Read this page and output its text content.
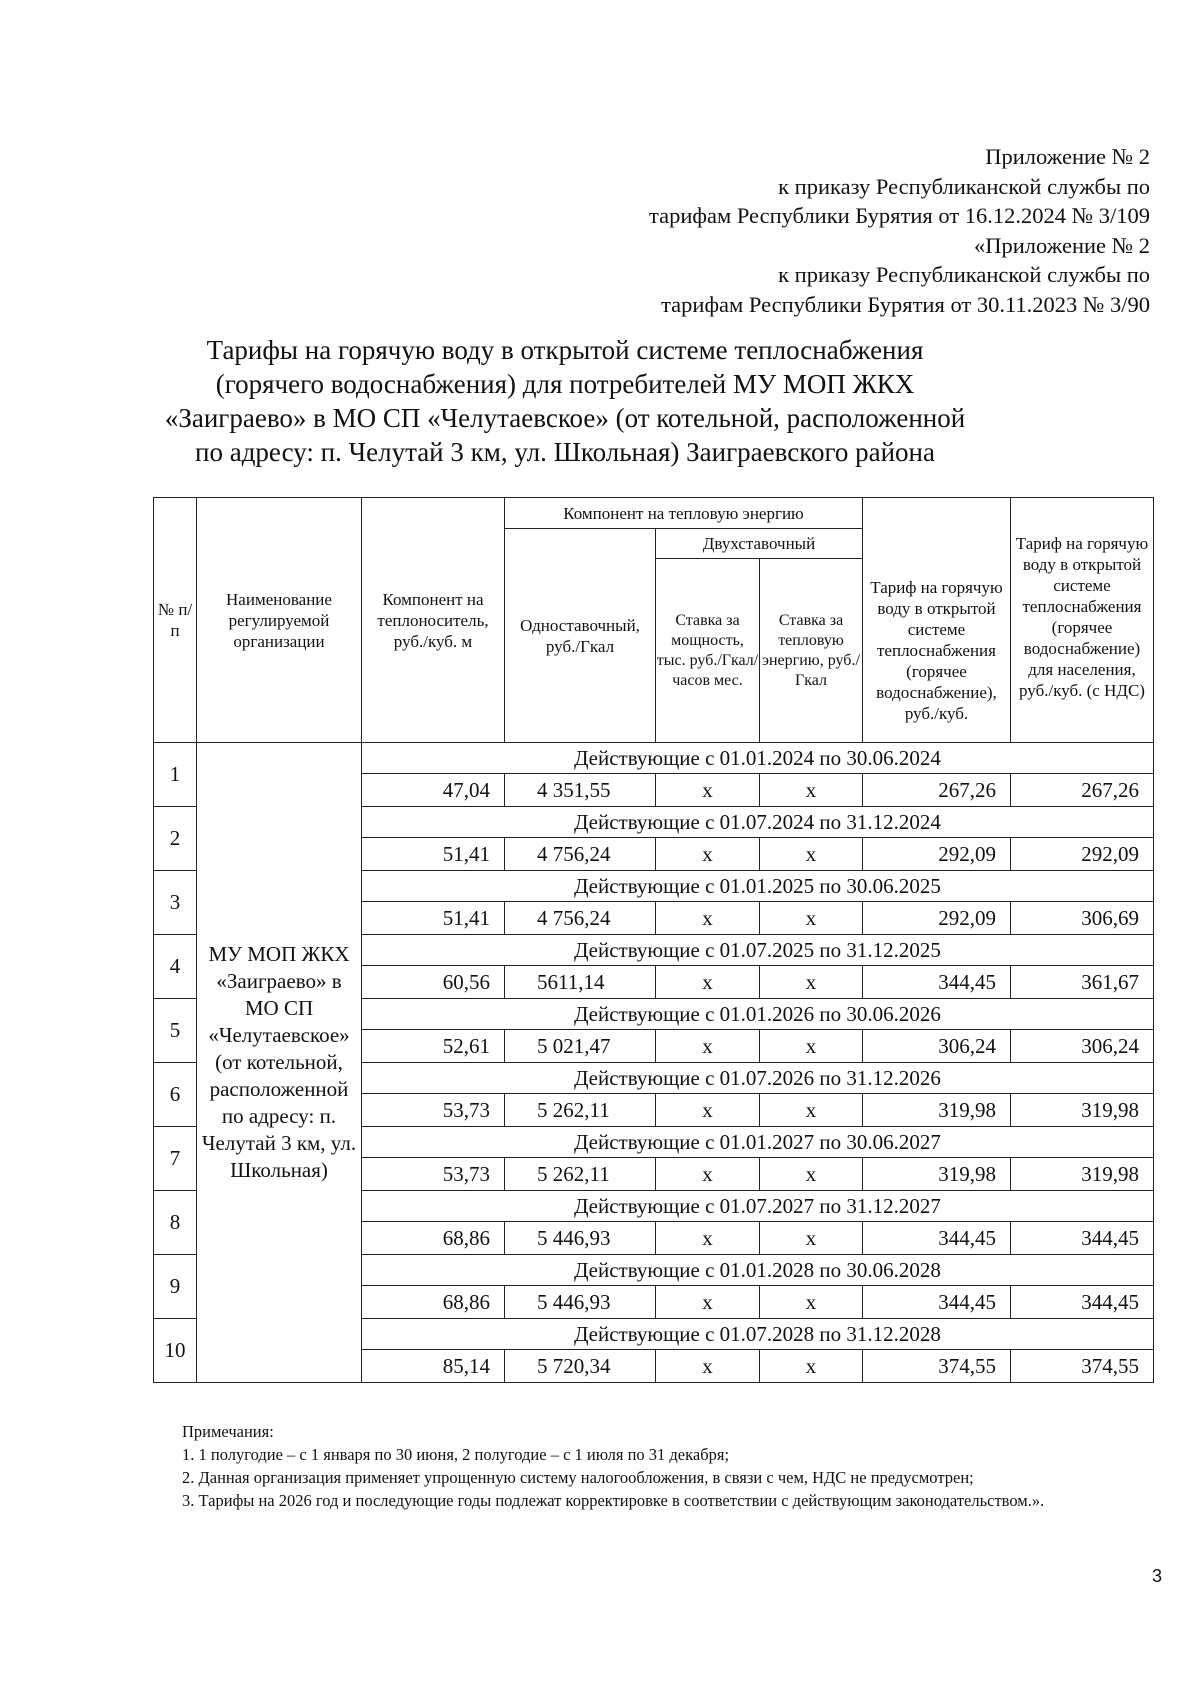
Приложение № 2
к приказу Республиканской службы по
тарифам Республики Бурятия от 16.12.2024 № 3/109
«Приложение № 2
к приказу Республиканской службы по
тарифам Республики Бурятия от 30.11.2023 № 3/90
Тарифы на горячую воду в открытой системе теплоснабжения (горячего водоснабжения) для потребителей МУ МОП ЖКХ «Заиграево» в МО СП «Челутаевское» (от котельной, расположенной по адресу: п. Челутай 3 км, ул. Школьная) Заиграевского района
№ п/п	Наименование регулируемой организации	Компонент на теплоноситель, руб./куб. м	Компонент на тепловую энергию			Тариф на горячую воду в открытой системе теплоснабжения (горячее водоснабжение), руб./куб.	Тариф на горячую воду в открытой системе теплоснабжения (горячее водоснабжение) для населения, руб./куб. (с НДС)
			Одноставочный, руб./Гкал	Двухставочный			
				Ставка за мощность, тыс. руб./Гкал/ часов мес.	Ставка за тепловую энергию, руб./Гкал		
1	МУ МОП ЖКХ «Заиграево» в МО СП «Челутаевское» (от котельной, расположенной по адресу: п. Челутай 3 км, ул. Школьная)	Действующие с 01.01.2024 по 30.06.2024					
		47,04	4 351,55	х	х	267,26	267,26
2		Действующие с 01.07.2024 по 31.12.2024					
		51,41	4 756,24	х	х	292,09	292,09
3		Действующие с 01.01.2025 по 30.06.2025					
		51,41	4 756,24	х	х	292,09	306,69
4		Действующие с 01.07.2025 по 31.12.2025					
		60,56	5611,14	х	х	344,45	361,67
5		Действующие с 01.01.2026 по 30.06.2026					
		52,61	5 021,47	х	х	306,24	306,24
6		Действующие с 01.07.2026 по 31.12.2026					
		53,73	5 262,11	х	х	319,98	319,98
7		Действующие с 01.01.2027 по 30.06.2027					
		53,73	5 262,11	х	х	319,98	319,98
8		Действующие с 01.07.2027 по 31.12.2027					
		68,86	5 446,93	х	х	344,45	344,45
9		Действующие с 01.01.2028 по 30.06.2028					
		68,86	5 446,93	х	х	344,45	344,45
10		Действующие с 01.07.2028 по 31.12.2028					
		85,14	5 720,34	х	х	374,55	374,55
Примечания:
1. 1 полугодие – с 1 января по 30 июня, 2 полугодие – с 1 июля по 31 декабря;
2. Данная организация применяет упрощенную систему налогообложения, в связи с чем, НДС не предусмотрен;
3. Тарифы на 2026 год и последующие годы подлежат корректировке в соответствии с действующим законодательством.».
3
